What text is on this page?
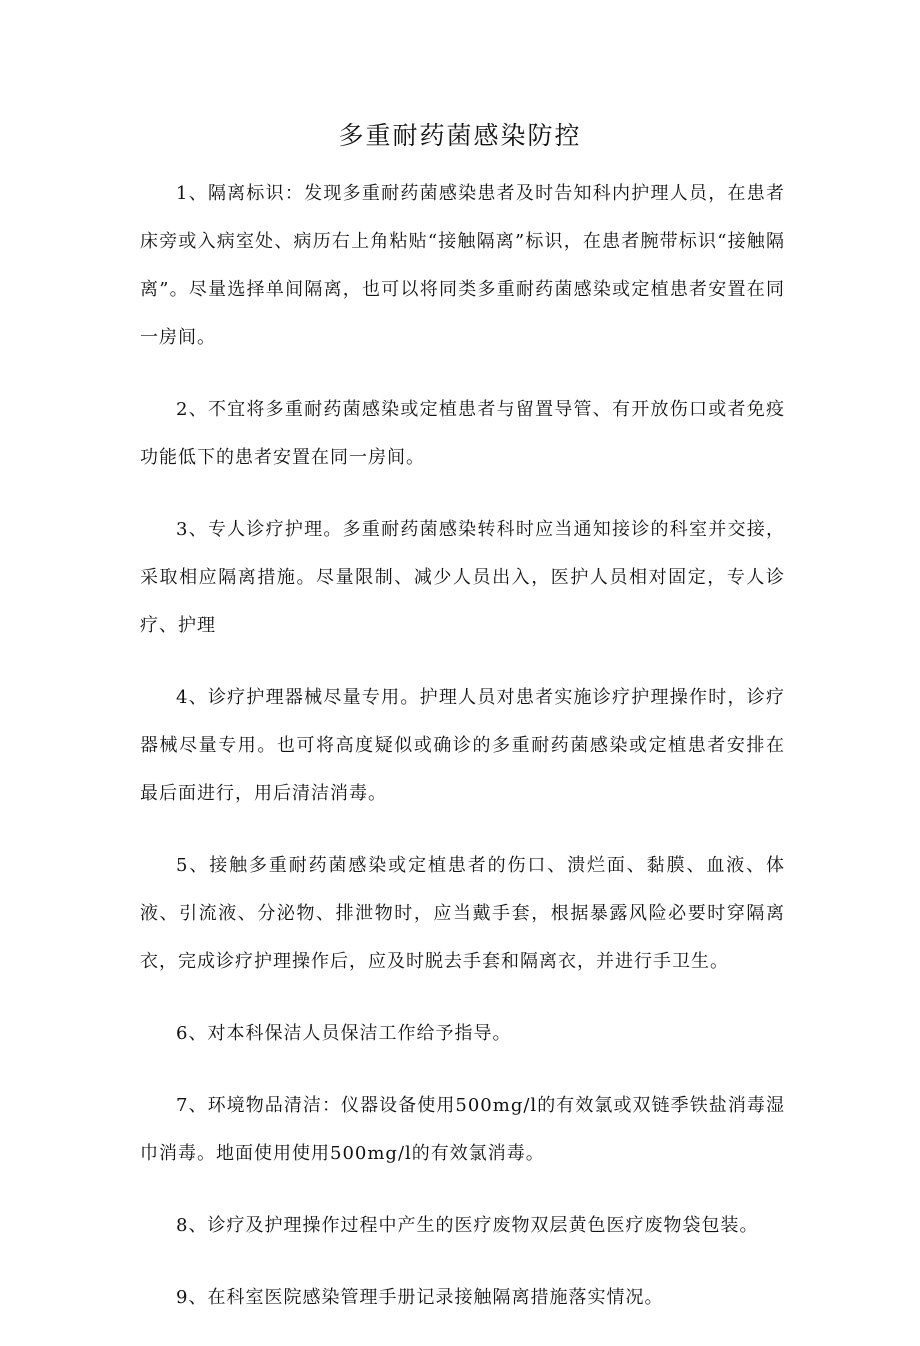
多重耐药菌感染防控

1、隔离标识：发现多重耐药菌感染患者及时告知科内护理人员，在患者床旁或入病室处、病历右上角粘贴“接触隔离”标识，在患者腕带标识“接触隔离”。尽量选择单间隔离，也可以将同类多重耐药菌感染或定植患者安置在同一房间。

2、不宜将多重耐药菌感染或定植患者与留置导管、有开放伤口或者免疫功能低下的患者安置在同一房间。

3、专人诊疗护理。多重耐药菌感染转科时应当通知接诊的科室并交接，采取相应隔离措施。尽量限制、减少人员出入，医护人员相对固定，专人诊疗、护理

4、诊疗护理器械尽量专用。护理人员对患者实施诊疗护理操作时，诊疗器械尽量专用。也可将高度疑似或确诊的多重耐药菌感染或定植患者安排在最后面进行，用后清洁消毒。

5、接触多重耐药菌感染或定植患者的伤口、溃烂面、黏膜、血液、体液、引流液、分泌物、排泄物时，应当戴手套，根据暴露风险必要时穿隔离衣，完成诊疗护理操作后，应及时脱去手套和隔离衣，并进行手卫生。

6、对本科保洁人员保洁工作给予指导。

7、环境物品清洁：仪器设备使用500mg/l的有效氯或双链季铁盐消毒湿巾消毒。地面使用使用500mg/l的有效氯消毒。

8、诊疗及护理操作过程中产生的医疗废物双层黄色医疗废物袋包装。

9、在科室医院感染管理手册记录接触隔离措施落实情况。
